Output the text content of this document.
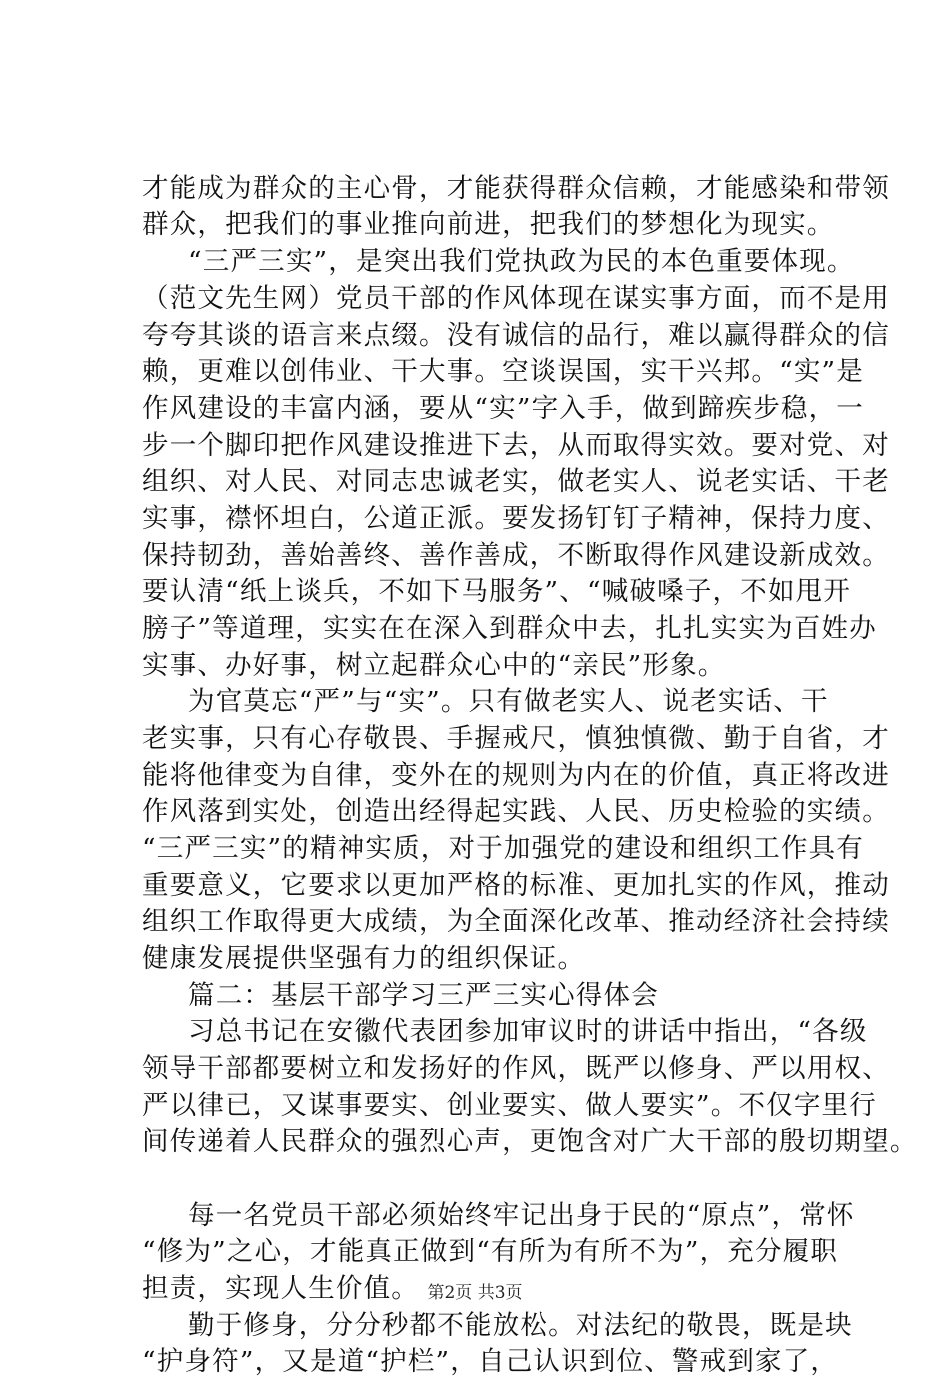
才能成为群众的主心骨，才能获得群众信赖，才能感染和带领
群众，把我们的事业推向前进，把我们的梦想化为现实。
“三严三实”，是突出我们党执政为民的本色重要体现。
（范文先生网）党员干部的作风体现在谋实事方面，而不是用
夸夸其谈的语言来点缀。没有诚信的品行，难以赢得群众的信
赖，更难以创伟业、干大事。空谈误国，实干兴邦。“实”是
作风建设的丰富内涵，要从“实”字入手，做到蹄疾步稳，一
步一个脚印把作风建设推进下去，从而取得实效。要对党、对
组织、对人民、对同志忠诚老实，做老实人、说老实话、干老
实事，襟怀坦白，公道正派。要发扬钉钉子精神，保持力度、
保持韧劲，善始善终、善作善成，不断取得作风建设新成效。
要认清“纸上谈兵，不如下马服务”、“喊破嗓子，不如甩开
膀子”等道理，实实在在深入到群众中去，扎扎实实为百姓办
实事、办好事，树立起群众心中的“亲民”形象。
为官莫忘“严”与“实”。只有做老实人、说老实话、干
老实事，只有心存敬畏、手握戒尺，慎独慎微、勤于自省，才
能将他律变为自律，变外在的规则为内在的价值，真正将改进
作风落到实处，创造出经得起实践、人民、历史检验的实绩。
“三严三实”的精神实质，对于加强党的建设和组织工作具有
重要意义，它要求以更加严格的标准、更加扎实的作风，推动
组织工作取得更大成绩，为全面深化改革、推动经济社会持续
健康发展提供坚强有力的组织保证。
篇二：基层干部学习三严三实心得体会
习总书记在安徽代表团参加审议时的讲话中指出，“各级
领导干部都要树立和发扬好的作风，既严以修身、严以用权、
严以律已，又谋事要实、创业要实、做人要实”。不仅字里行
间传递着人民群众的强烈心声，更饱含对广大干部的殷切期望。
每一名党员干部必须始终牢记出身于民的“原点”，常怀
“修为”之心，才能真正做到“有所为有所不为”，充分履职
担责，实现人生价值。
勤于修身，分分秒都不能放松。对法纪的敬畏，既是块
“护身符”，又是道“护栏”，自己认识到位、警戒到家了，
第2页 共3页
